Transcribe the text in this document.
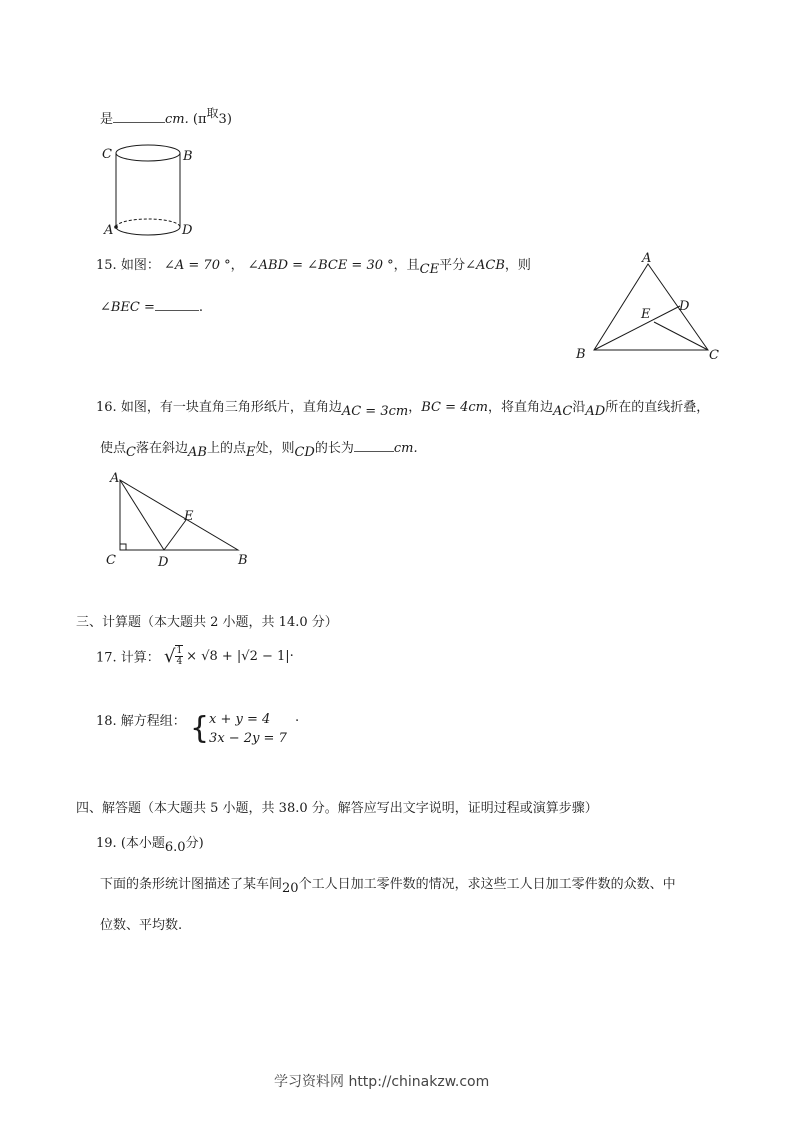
是	cm. (π取3)
C	B
A	D
15. 如图： ∠A = 70 °， ∠ABD = ∠BCE = 30 °，且CE平分∠ACB，则
∠BEC =	.
A
E
D
B	C
16. 如图，有一块直角三角形纸片，直角边AC = 3cm，BC = 4cm，将直角边AC沿AD所在的直线折叠，
使点C落在斜边AB上的点E处，则CD的长为	cm.
A
E
C	D	B
三、计算题（本大题共 2 小题，共 14.0 分）
17. 计算： √ $\frac{1}{4} \times √8 + |√2 - 1|$ .
18. 解方程组： { x + y = 4
3x − 2y = 7
.
四、解答题（本大题共 5 小题，共 38.0 分。解答应写出文字说明，证明过程或演算步骤）
19. (本小题6.0分)
下面的条形统计图描述了某车间20个工人日加工零件数的情况，求这些工人日加工零件数的众数、中
位数、平均数.
学习资料网 http://chinakzw.com
